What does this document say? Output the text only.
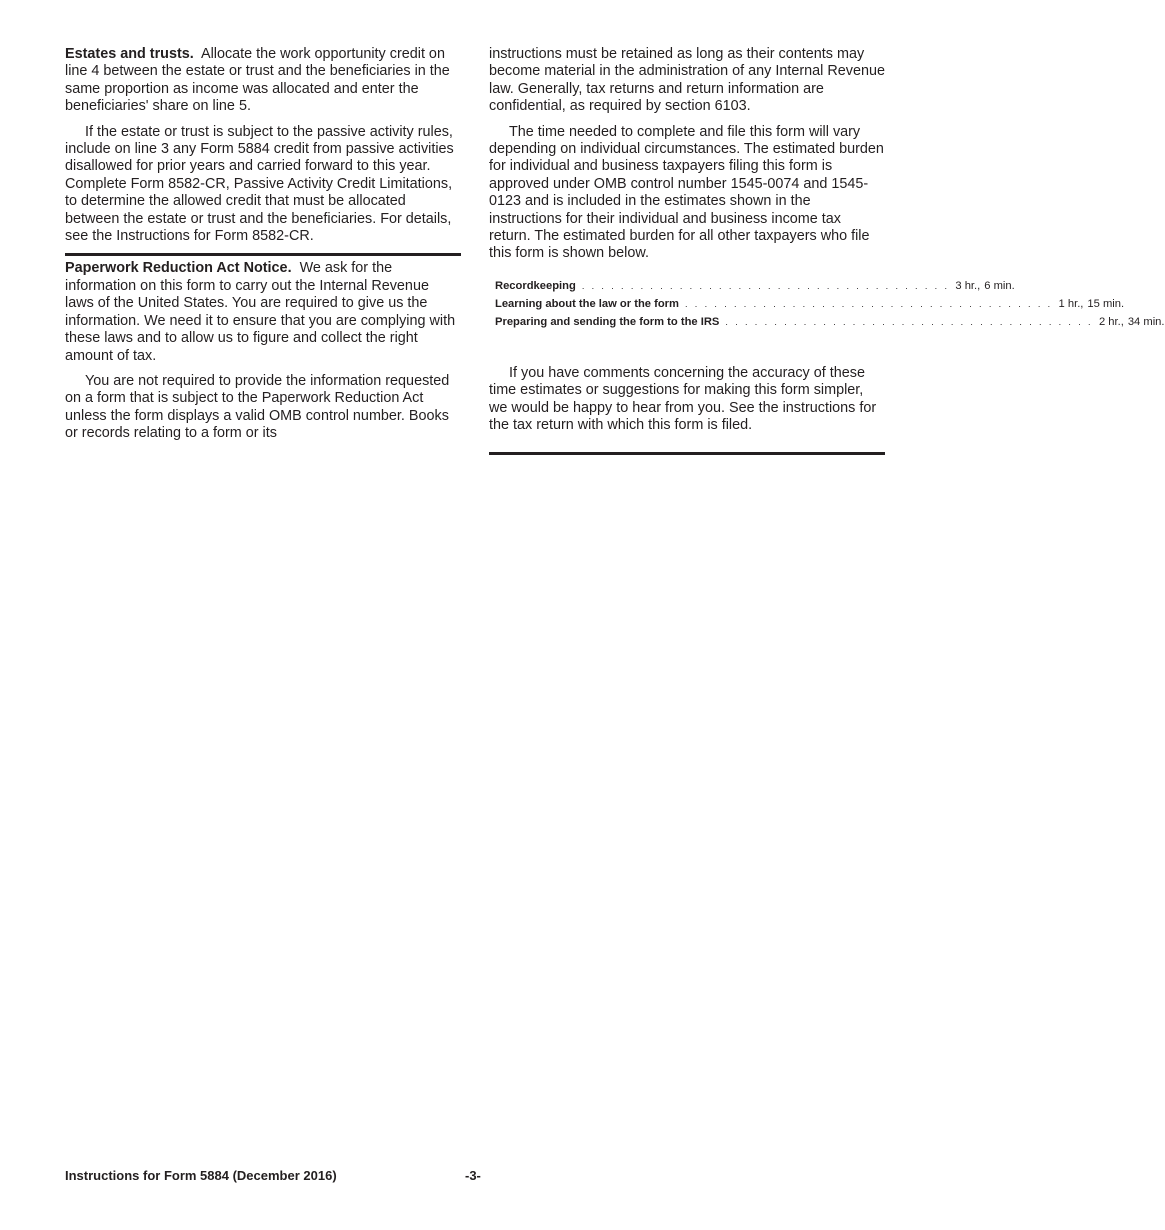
Estates and trusts. Allocate the work opportunity credit on line 4 between the estate or trust and the beneficiaries in the same proportion as income was allocated and enter the beneficiaries' share on line 5.

If the estate or trust is subject to the passive activity rules, include on line 3 any Form 5884 credit from passive activities disallowed for prior years and carried forward to this year. Complete Form 8582-CR, Passive Activity Credit Limitations, to determine the allowed credit that must be allocated between the estate or trust and the beneficiaries. For details, see the Instructions for Form 8582-CR.

Paperwork Reduction Act Notice. We ask for the information on this form to carry out the Internal Revenue laws of the United States. You are required to give us the information. We need it to ensure that you are complying with these laws and to allow us to figure and collect the right amount of tax.

You are not required to provide the information requested on a form that is subject to the Paperwork Reduction Act unless the form displays a valid OMB control number. Books or records relating to a form or its

instructions must be retained as long as their contents may become material in the administration of any Internal Revenue law. Generally, tax returns and return information are confidential, as required by section 6103.

The time needed to complete and file this form will vary depending on individual circumstances. The estimated burden for individual and business taxpayers filing this form is approved under OMB control number 1545-0074 and 1545-0123 and is included in the estimates shown in the instructions for their individual and business income tax return. The estimated burden for all other taxpayers who file this form is shown below.

Recordkeeping . . . . . . . . . . . . . . . . . . . . . . . . . . . . . . . . . . . . . . 3 hr., 6 min.
Learning about the law or the form . . . . . . . . . . . . . . . . . . . . . . . . . . . . . . . . . . . . . . 1 hr., 15 min.
Preparing and sending the form to the IRS . . . . . . . . . . . . . . . . . . . . . . . . . . . . . . . . . . . . . . 2 hr., 34 min.

If you have comments concerning the accuracy of these time estimates or suggestions for making this form simpler, we would be happy to hear from you. See the instructions for the tax return with which this form is filed.

Instructions for Form 5884 (December 2016)	-3-
